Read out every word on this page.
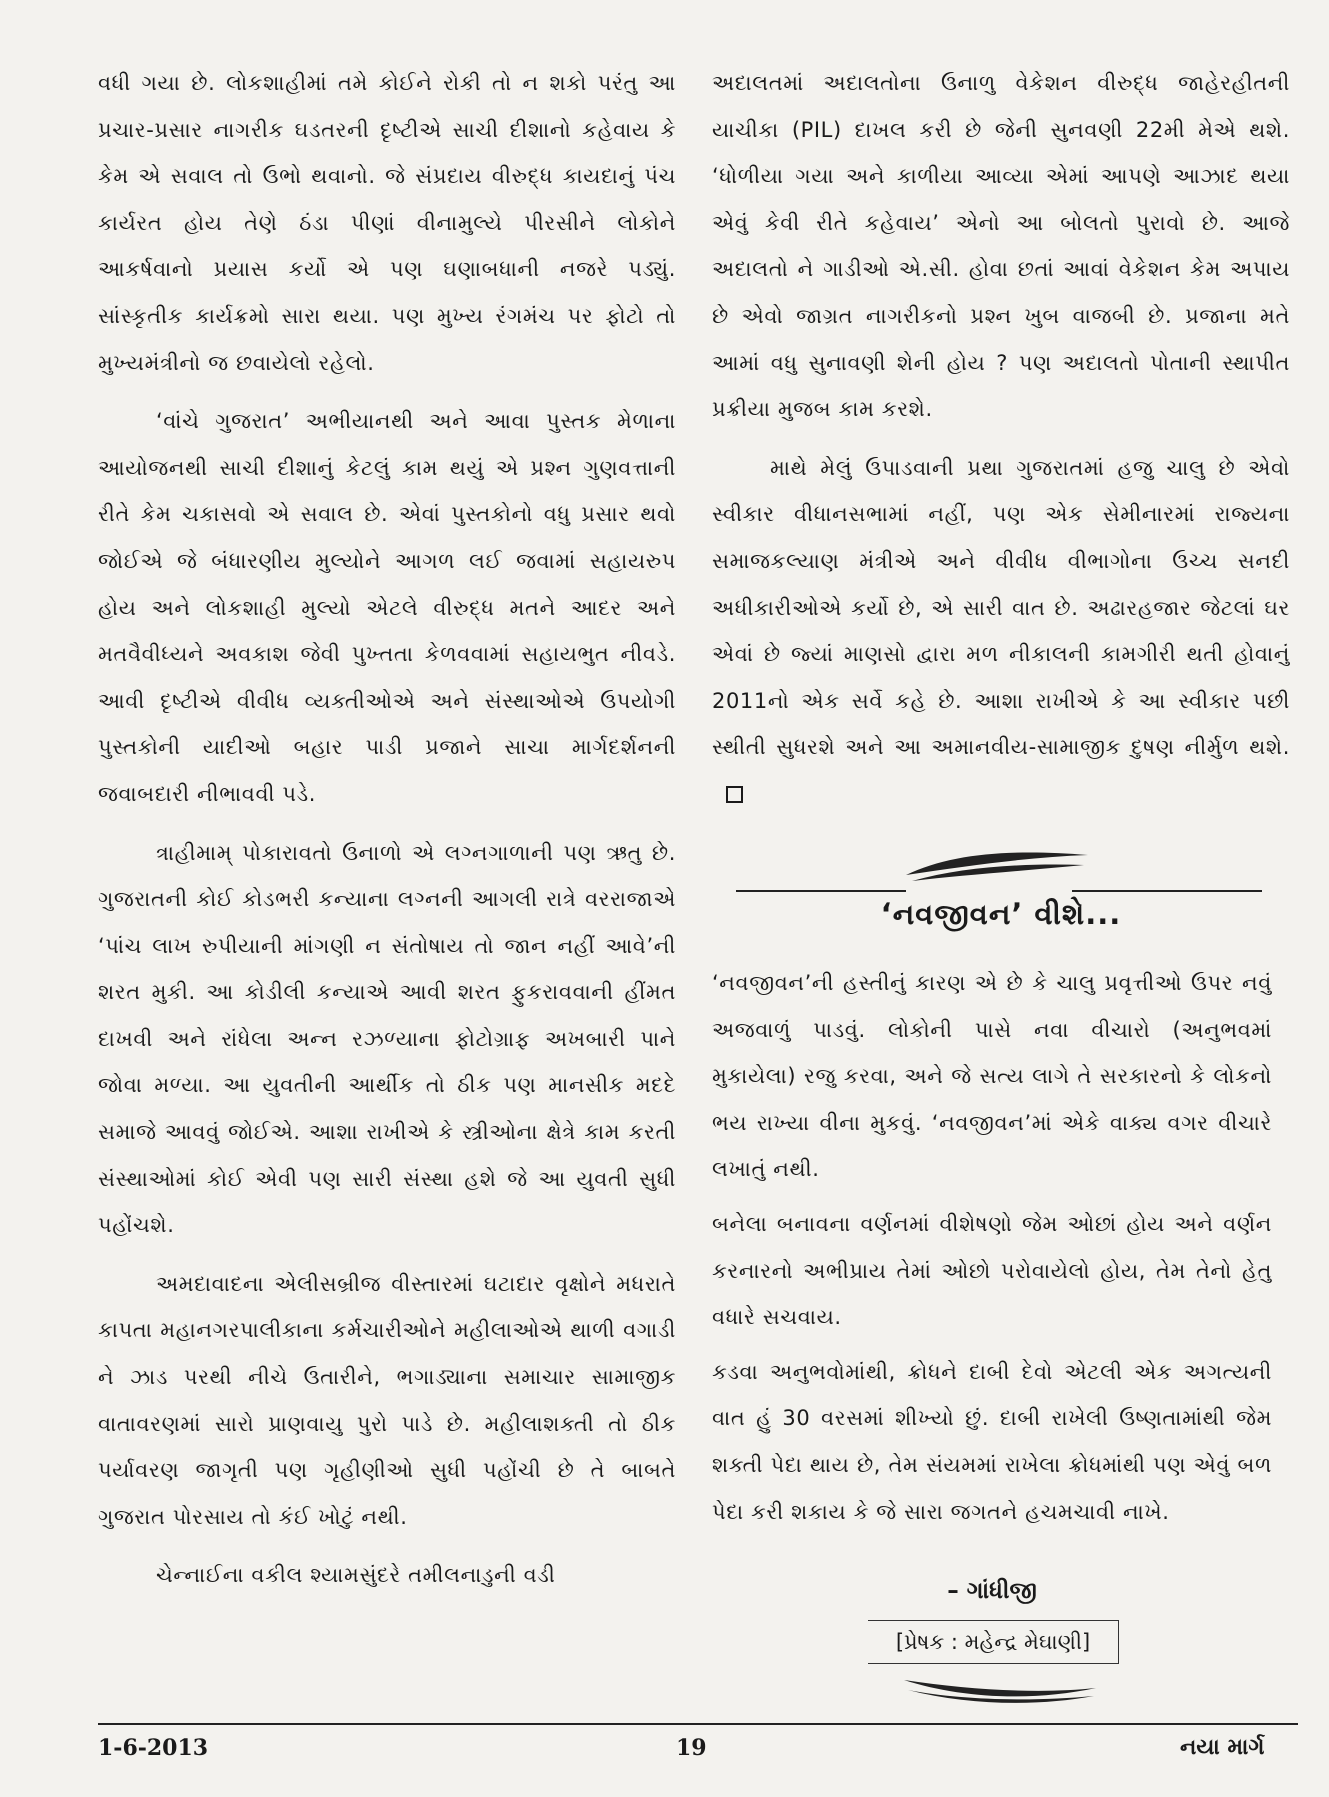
વધી ગયા છે. લોકશાહીમાં તમે કોઈને રોકી તો ન શકો પરંતુ આ પ્રચાર-પ્રસાર નાગરીક ઘડતરની દૃષ્ટીએ સાચી દીશાનો કહેવાય કે કેમ એ સવાલ તો ઉભો થવાનો. જે સંપ્રદાય વીરુદ્ધ કાયદાનું પંચ કાર્યરત હોય તેણે ઠંડા પીણાં વીનામુલ્યે પીરસીને લોકોને આકર્ષવાનો પ્રયાસ કર્યો એ પણ ઘણાબધાની નજરે પડ્યું. સાંસ્કૃતીક કાર્યક્રમો સારા થયા. પણ મુખ્ય રંગમંચ પર ફોટો તો મુખ્યમંત્રીનો જ છવાયેલો રહેલો.

‘વાંચે ગુજરાત’ અભીયાનથી અને આવા પુસ્તક મેળાના આયોજનથી સાચી દીશાનું કેટલું કામ થયું એ પ્રશ્ન ગુણવત્તાની રીતે કેમ ચકાસવો એ સવાલ છે. એવાં પુસ્તકોનો વધુ પ્રસાર થવો જોઈએ જે બંધારણીય મુલ્યોને આગળ લઈ જવામાં સહાયરુપ હોય અને લોકશાહી મુલ્યો એટલે વીરુદ્ધ મતને આદર અને મતવૈવીધ્યને અવકાશ જેવી પુખ્તતા કેળવવામાં સહાયભુત નીવડે. આવી દૃષ્ટીએ વીવીધ વ્યક્તીઓએ અને સંસ્થાઓએ ઉપયોગી પુસ્તકોની યાદીઓ બહાર પાડી પ્રજાને સાચા માર્ગદર્શનની જવાબદારી નીભાવવી પડે.

ત્રાહીમામ્ પોકારાવતો ઉનાળો એ લગ્નગાળાની પણ ઋતુ છે. ગુજરાતની કોઈ કોડભરી કન્યાના લગ્નની આગલી રાત્રે વરરાજાએ ‘પાંચ લાખ રુપીયાની માંગણી ન સંતોષાય તો જાન નહીં આવે’ની શરત મુકી. આ કોડીલી કન્યાએ આવી શરત ફુકરાવવાની હીંમત દાખવી અને રાંધેલા અન્ન રઝળ્યાના ફોટોગ્રાફ અખબારી પાને જોવા મળ્યા. આ યુવતીની આર્થીક તો ઠીક પણ માનસીક મદદે સમાજે આવવું જોઈએ. આશા રાખીએ કે સ્ત્રીઓના ક્ષેત્રે કામ કરતી સંસ્થાઓમાં કોઈ એવી પણ સારી સંસ્થા હશે જે આ યુવતી સુધી પહોંચશે.

અમદાવાદના એલીસબ્રીજ વીસ્તારમાં ઘટાદાર વૃક્ષોને મધરાતે કાપતા મહાનગરપાલીકાના કર્મચારીઓને મહીલાઓએ થાળી વગાડી ને ઝાડ પરથી નીચે ઉતારીને, ભગાડ્યાના સમાચાર સામાજીક વાતાવરણમાં સારો પ્રાણવાયુ પુરો પાડે છે. મહીલાશક્તી તો ઠીક પર્યાવરણ જાગૃતી પણ ગૃહીણીઓ સુધી પહોંચી છે તે બાબતે ગુજરાત પોરસાય તો કંઈ ખોટું નથી.

ચેન્નાઈના વકીલ શ્યામસુંદરે તમીલનાડુની વડી

અદાલતમાં અદાલતોના ઉનાળુ વેકેશન વીરુદ્ધ જાહેરહીતની યાચીકા (PIL) દાખલ કરી છે જેની સુનવણી 22મી મેએ થશે. ‘ધોળીયા ગયા અને કાળીયા આવ્યા એમાં આપણે આઝાદ થયા એવું કેવી રીતે કહેવાય’ એનો આ બોલતો પુરાવો છે. આજે અદાલતો ને ગાડીઓ એ.સી. હોવા છતાં આવાં વેકેશન કેમ અપાય છે એવો જાગ્રત નાગરીકનો પ્રશ્ન ખુબ વાજબી છે. પ્રજાના મતે આમાં વધુ સુનાવણી શેની હોય ? પણ અદાલતો પોતાની સ્થાપીત પ્રક્રીયા મુજબ કામ કરશે.

માથે મેલું ઉપાડવાની પ્રથા ગુજરાતમાં હજુ ચાલુ છે એવો સ્વીકાર વીધાનસભામાં નહીં, પણ એક સેમીનારમાં રાજ્યના સમાજકલ્યાણ મંત્રીએ અને વીવીધ વીભાગોના ઉચ્ચ સનદી અધીકારીઓએ કર્યો છે, એ સારી વાત છે. અઢારહજાર જેટલાં ઘર એવાં છે જ્યાં માણસો દ્વારા મળ નીકાલની કામગીરી થતી હોવાનું 2011નો એક સર્વે કહે છે. આશા રાખીએ કે આ સ્વીકાર પછી સ્થીતી સુધરશે અને આ અમાનવીય-સામાજીક દુષણ નીર્મુળ થશે.

‘નવજીવન’ વીશે...

‘નવજીવન’ની હસ્તીનું કારણ એ છે કે ચાલુ પ્રવૃત્તીઓ ઉપર નવું અજવાળું પાડવું. લોકોની પાસે નવા વીચારો (અનુભવમાં મુકાયેલા) રજુ કરવા, અને જે સત્ય લાગે તે સરકારનો કે લોકનો ભય રાખ્યા વીના મુકવું. ‘નવજીવન’માં એકે વાક્ય વગર વીચારે લખાતું નથી.

બનેલા બનાવના વર્ણનમાં વીશેષણો જેમ ઓછાં હોય અને વર્ણન કરનારનો અભીપ્રાય તેમાં ઓછો પરોવાયેલો હોય, તેમ તેનો હેતુ વધારે સચવાય.

કડવા અનુભવોમાંથી, ક્રોધને દાબી દેવો એટલી એક અગત્યની વાત હું 30 વરસમાં શીખ્યો છું. દાબી રાખેલી ઉષ્ણતામાંથી જેમ શક્તી પેદા થાય છે, તેમ સંયમમાં રાખેલા ક્રોધમાંથી પણ એવું બળ પેદા કરી શકાય કે જે સારા જગતને હચમચાવી નાખે.

– ગાંધીજી
[પ્રેષક : મહેન્દ્ર મેઘાણી]
1-6-2013	19	નયા માર્ગ
